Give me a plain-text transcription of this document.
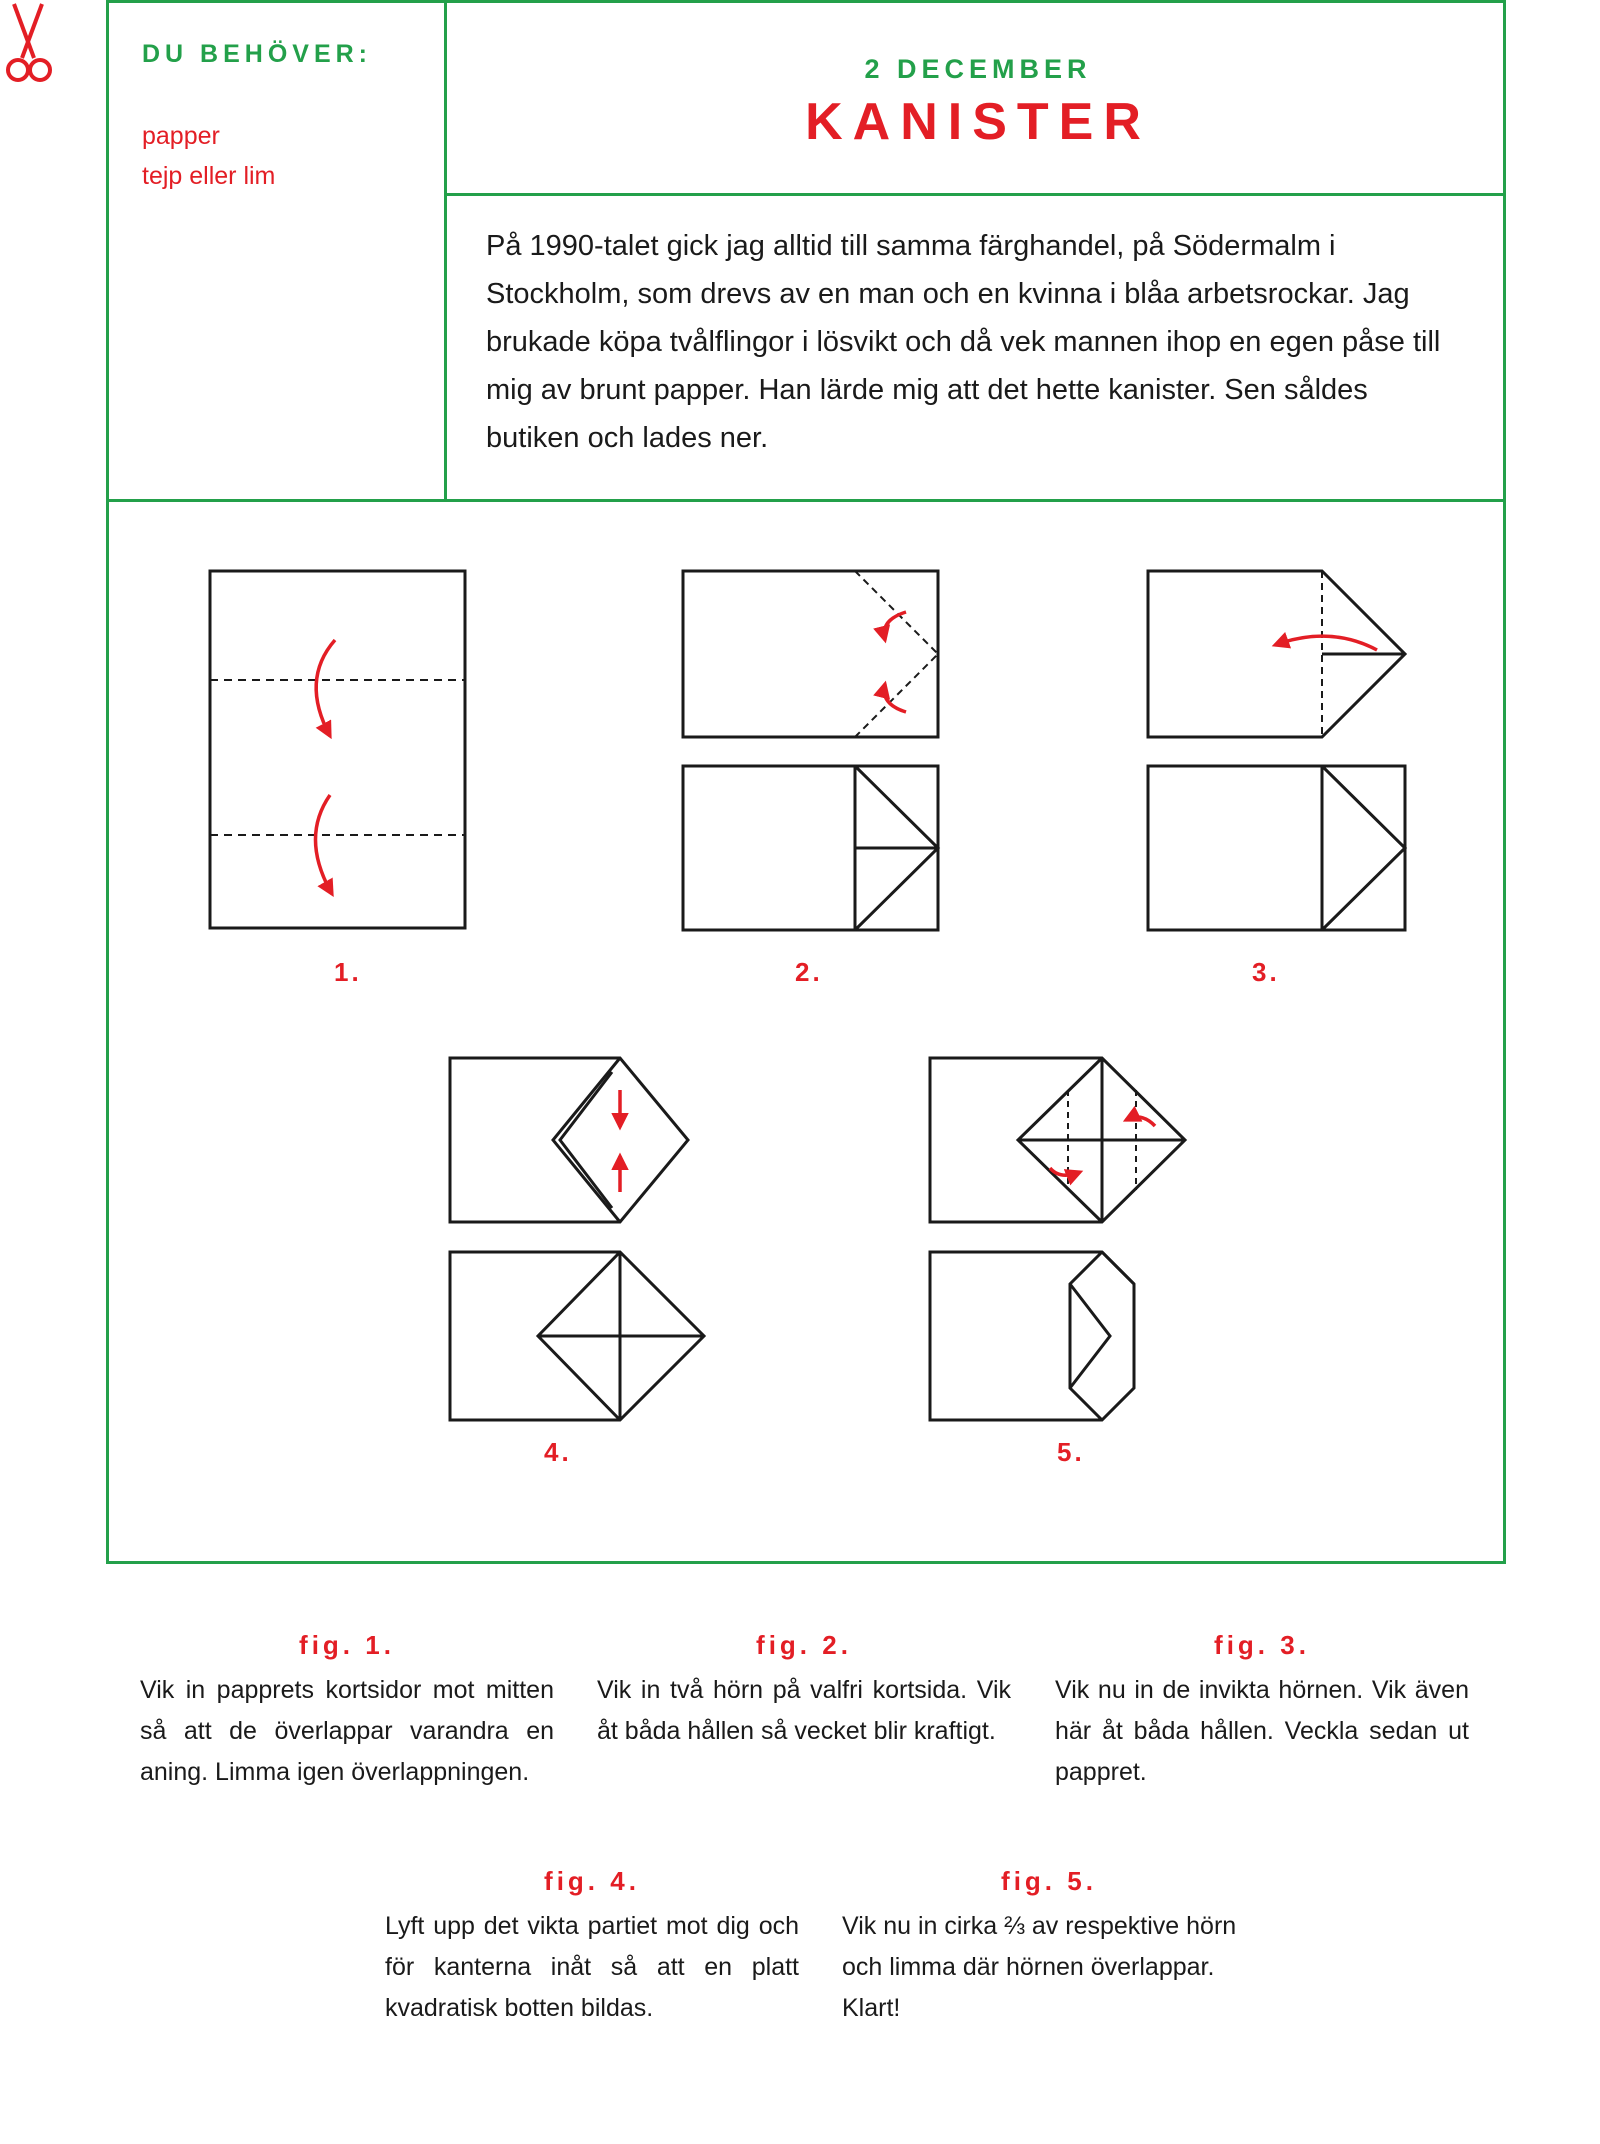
DU BEHÖVER:
papper
tejp eller lim
2 DECEMBER
KANISTER
På 1990-talet gick jag alltid till samma färghandel, på Södermalm i Stockholm, som drevs av en man och en kvinna i blåa arbetsrockar. Jag brukade köpa tvålflingor i lösvikt och då vek mannen ihop en egen påse till mig av brunt papper. Han lärde mig att det hette kanister. Sen såldes butiken och lades ner.
1.	2.	3.
4.	5.
fig. 1.
Vik in papprets kortsidor mot mitten så att de överlappar varandra en aning. Limma igen överlappningen.
fig. 2.
Vik in två hörn på valfri kortsida. Vik åt båda hållen så vecket blir kraftigt.
fig. 3.
Vik nu in de invikta hörnen. Vik även här åt båda hållen. Veckla sedan ut pappret.
fig. 4.
Lyft upp det vikta partiet mot dig och för kanterna inåt så att en platt kvadratisk botten bildas.
fig. 5.
Vik nu in cirka ⅔ av respektive hörn och limma där hörnen överlappar. Klart!
